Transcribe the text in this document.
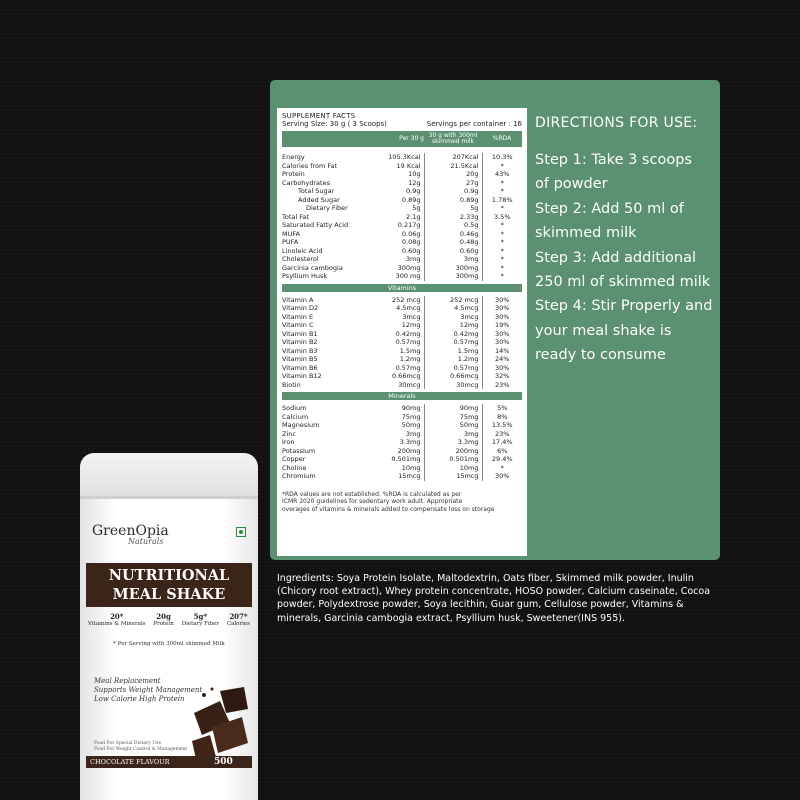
SUPPLEMENT FACTS
Serving Size: 30 g ( 3 Scoops)	Servings per container : 16
Per 30 g 30 g with 300ml
skimmed milk	%RDA
Energy	105.3Kcal	207Kcal	10.3%
Calories from Fat	19 Kcal	21.5Kcal	*
Protein	10g	20g	43%
Carbohydrates	12g	27g	*
Total Sugar	0.9g	0.9g	*
Added Sugar	0.89g	0.89g	1.78%
Dietary Fiber	5g	5g	*
Total Fat	2.1g	2.33g	3.5%
Saturated Fatty Acid	0.217g	0.5g	*
MUFA	0.06g	0.46g	*
PUFA	0.08g	0.48g	*
Linoleic Acid	0.60g	0.60g	*
Cholesterol	3mg	3mg	*
Garcinia cambogia	300mg	300mg	*
Psyllium Husk	300 mg	300mg	*
Vitamins
Vitamin A	252 mcg	252 mcg	30%
Vitamin D2	4.5mcg	4.5mcg	30%
Vitamin E	3mcg	3mcg	30%
Vitamin C	12mg	12mg	19%
Vitamin B1	0.42mg	0.42mg	30%
Vitamin B2	0.57mg	0.57mg	30%
Vitamin B3	1.5mg	1.5mg	14%
Vitamin B5	1.2mg	1.2mg	24%
Vitamin B6	0.57mg	0.57mg	30%
Vitamin B12	0.66mcg	0.66mcg	32%
Biotin	30mcg	30mcg	23%
Minerals
Sodium	90mg	90mg	5%
Calcium	75mg	75mg	8%
Magnesium	50mg	50mg	13.5%
Zinc	3mg	3mg	23%
Iron	3.3mg	3.3mg	17.4%
Potassium	200mg	200mg	6%
Copper	0.501mg	0.501mg	29.4%
Choline	10mg	10mg	*
Chromium	15mcg	15mcg	30%
*RDA values are not established. %RDA is calculated as per
ICMR 2020 guidelines for sedentary work adult. Appropriate
overages of vitamins & minerals added to compensate loss on storage
DIRECTIONS FOR USE:
Step 1: Take 3 scoops
of powder
Step 2: Add 50 ml of
skimmed milk
Step 3: Add additional
250 ml of skimmed milk
Step 4: Stir Properly and
your meal shake is
ready to consume
Ingredients: Soya Protein Isolate, Maltodextrin, Oats fiber, Skimmed milk powder, Inulin (Chicory root extract), Whey protein concentrate, HOSO powder, Calcium caseinate, Cocoa powder, Polydextrose powder, Soya lecithin, Guar gum, Cellulose powder, Vitamins & minerals, Garcinia cambogia extract, Psyllium husk, Sweetener(INS 955).
GreenOpia
Naturals
NUTRITIONAL
MEAL SHAKE
20*
Vitamins & Minerals
20g
Protein
5g*
Dietary Fiber
207*
Calories
* Per Serving with 300ml skimmed Milk
Meal Replacement
Supports Weight Management
Low Calorie High Protein
Food For Special Dietary Use
Food For Weight Control & Management
CHOCOLATE FLAVOUR	500
